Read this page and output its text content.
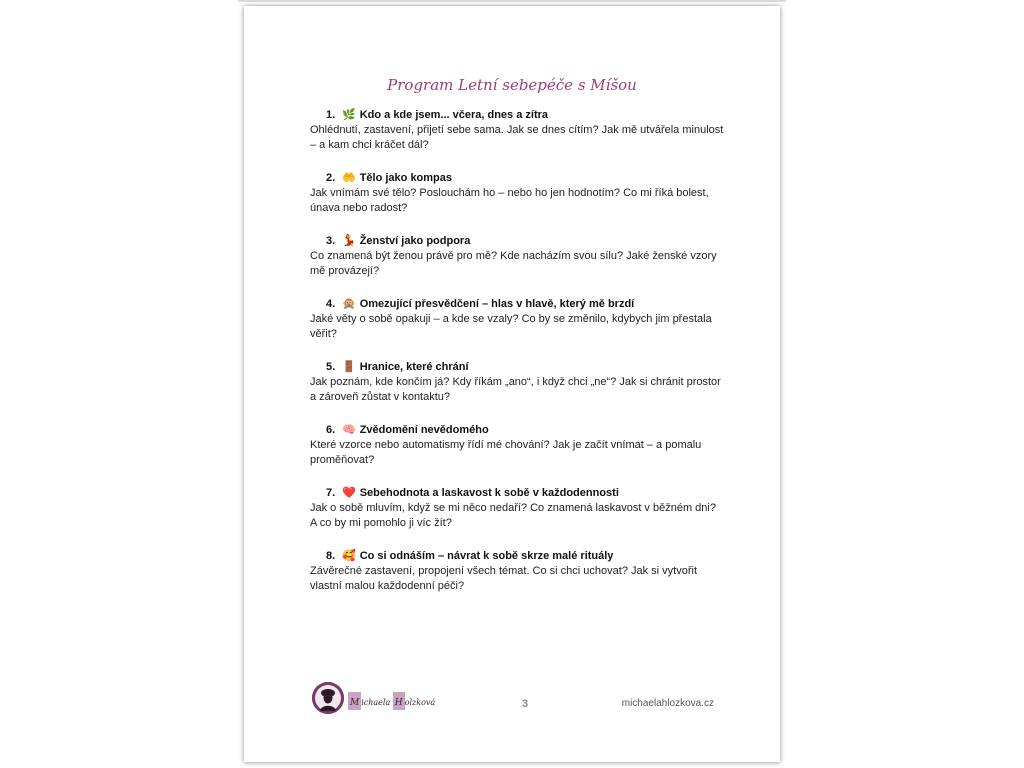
Program Letní sebepéče s Míšou
1. 🌿 Kdo a kde jsem... včera, dnes a zítra
Ohlédnutí, zastavení, přijetí sebe sama. Jak se dnes cítím? Jak mě utvářela minulost
– a kam chci kráčet dál?
2. 🤲 Tělo jako kompas
Jak vnímám své tělo? Poslouchám ho – nebo ho jen hodnotím? Co mi říká bolest,
únava nebo radost?
3. 💃 Ženství jako podpora
Co znamená být ženou právě pro mě? Kde nacházím svou sílu? Jaké ženské vzory
mě provázejí?
4. 🙊 Omezující přesvědčení – hlas v hlavě, který mě brzdí
Jaké věty o sobě opakuji – a kde se vzaly? Co by se změnilo, kdybych jim přestala
věřit?
5. 🚪 Hranice, které chrání
Jak poznám, kde končím já? Kdy říkám „ano“, i když chci „ne“? Jak si chránit prostor
a zároveň zůstat v kontaktu?
6. 🧠 Zvědomění nevědomého
Které vzorce nebo automatismy řídí mé chování? Jak je začít vnímat – a pomalu
proměňovat?
7. ❤️ Sebehodnota a laskavost k sobě v každodennosti
Jak o sobě mluvím, když se mi něco nedaří? Co znamená laskavost v běžném dni?
A co by mi pomohlo ji víc žít?
8. 🥰 Co si odnáším – návrat k sobě skrze malé rituály
Závěrečné zastavení, propojení všech témat. Co si chci uchovat? Jak si vytvořit
vlastní malou každodenní péči?
M ichaela H olzková	3	michaelahlozkova.cz
